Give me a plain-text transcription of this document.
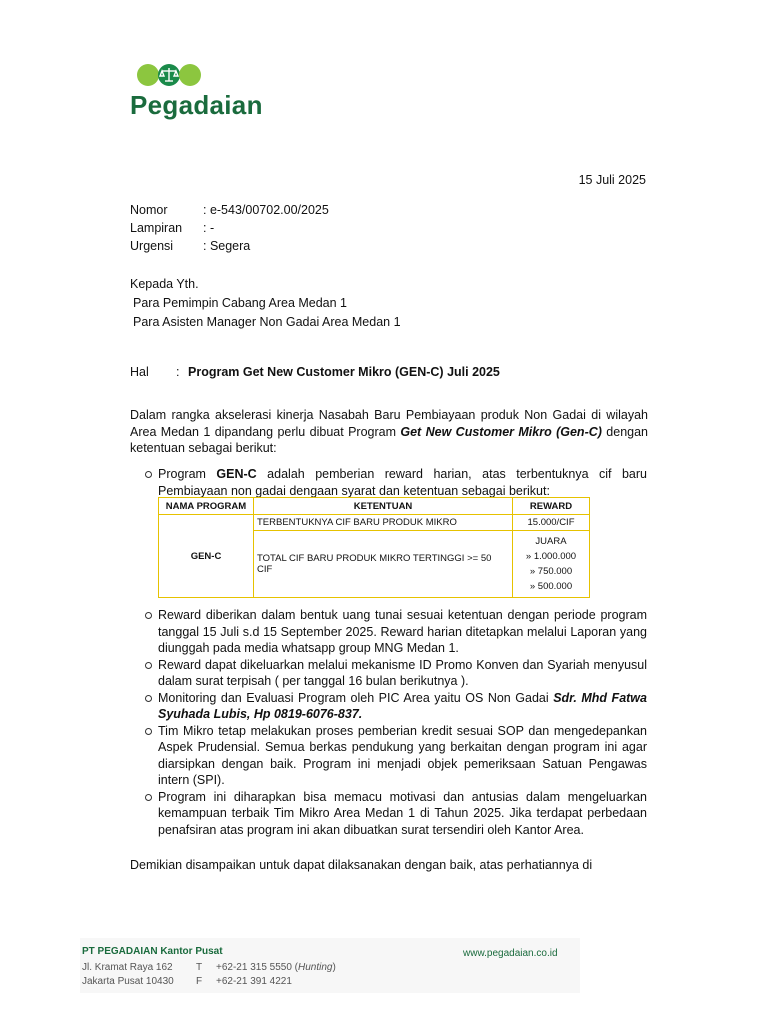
Pegadaian
15 Juli 2025
Nomor	: e-543/00702.00/2025
Lampiran : -
Urgensi : Segera
Kepada Yth.
Para Pemimpin Cabang Area Medan 1
Para Asisten Manager Non Gadai Area Medan 1
Hal : Program Get New Customer Mikro (GEN-C) Juli 2025
Dalam rangka akselerasi kinerja Nasabah Baru Pembiayaan produk Non Gadai di wilayah Area Medan 1 dipandang perlu dibuat Program Get New Customer Mikro (Gen-C) dengan ketentuan sebagai berikut:
Program GEN-C adalah pemberian reward harian, atas terbentuknya cif baru Pembiayaan non gadai dengaan syarat dan ketentuan sebagai berikut:
NAMA PROGRAM	KETENTUAN	REWARD
GEN-C	TERBENTUKNYA CIF BARU PRODUK MIKRO	15.000/CIF
	TOTAL CIF BARU PRODUK MIKRO TERTINGGI >= 50 CIF	JUARA
» 1.000.000
» 750.000
» 500.000
Reward diberikan dalam bentuk uang tunai sesuai ketentuan dengan periode program tanggal 15 Juli s.d 15 September 2025. Reward harian ditetapkan melalui Laporan yang diunggah pada media whatsapp group MNG Medan 1.
Reward dapat dikeluarkan melalui mekanisme ID Promo Konven dan Syariah menyusul dalam surat terpisah ( per tanggal 16 bulan berikutnya ).
Monitoring dan Evaluasi Program oleh PIC Area yaitu OS Non Gadai Sdr. Mhd Fatwa Syuhada Lubis, Hp 0819-6076-837.
Tim Mikro tetap melakukan proses pemberian kredit sesuai SOP dan mengedepankan Aspek Prudensial. Semua berkas pendukung yang berkaitan dengan program ini agar diarsipkan dengan baik. Program ini menjadi objek pemeriksaan Satuan Pengawas intern (SPI).
Program ini diharapkan bisa memacu motivasi dan antusias dalam mengeluarkan kemampuan terbaik Tim Mikro Area Medan 1 di Tahun 2025. Jika terdapat perbedaan penafsiran atas program ini akan dibuatkan surat tersendiri oleh Kantor Area.
Demikian disampaikan untuk dapat dilaksanakan dengan baik, atas perhatiannya di
PT PEGADAIAN Kantor Pusat
Jl. Kramat Raya 162
Jakarta Pusat 10430
T +62-21 315 5550 (Hunting)
F +62-21 391 4221
www.pegadaian.co.id
